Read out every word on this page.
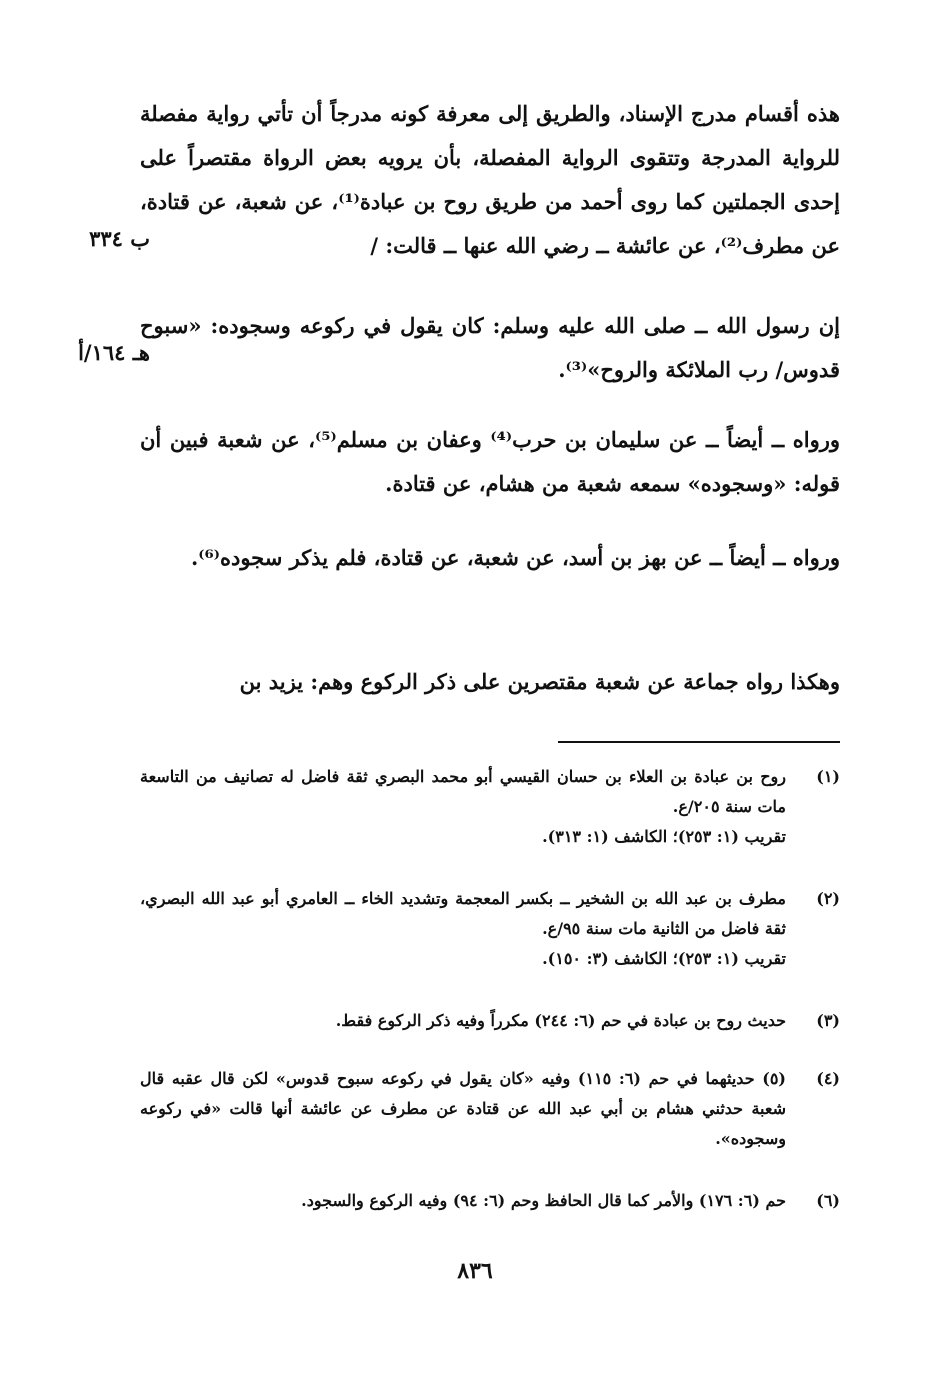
هذه أقسام مدرج الإسناد، والطريق إلى معرفة كونه مدرجاً أن تأتي رواية مفصلة للرواية المدرجة وتتقوى الرواية المفصلة، بأن يرويه بعض الرواة مقتصراً على إحدى الجملتين كما روى أحمد من طريق روح بن عبادة⁽¹⁾، عن شعبة، عن قتادة، عن مطرف⁽²⁾، عن عائشة ــ رضي الله عنها ــ قالت: /

ب ٣٣٤

إن رسول الله ــ صلى الله عليه وسلم: كان يقول في ركوعه وسجوده: «سبوح قدوس/ رب الملائكة والروح»⁽³⁾.

هـ ١٦٤/أ

ورواه ــ أيضاً ــ عن سليمان بن حرب⁽⁴⁾ وعفان بن مسلم⁽⁵⁾، عن شعبة فبين أن قوله: «وسجوده» سمعه شعبة من هشام، عن قتادة.

ورواه ــ أيضاً ــ عن بهز بن أسد، عن شعبة، عن قتادة، فلم يذكر سجوده⁽⁶⁾.

وهكذا رواه جماعة عن شعبة مقتصرين على ذكر الركوع وهم: يزيد بن

(١)
روح بن عبادة بن العلاء بن حسان القيسي أبو محمد البصري ثقة فاضل له تصانيف من التاسعة مات سنة ٢٠٥/ع.
تقريب (١: ٢٥٣)؛ الكاشف (١: ٣١٣).
(٢)
مطرف بن عبد الله بن الشخير ــ بكسر المعجمة وتشديد الخاء ــ العامري أبو عبد الله البصري، ثقة فاضل من الثانية مات سنة ٩٥/ع.
تقريب (١: ٢٥٣)؛ الكاشف (٣: ١٥٠).
(٣)
حديث روح بن عبادة في حم (٦: ٢٤٤) مكرراً وفيه ذكر الركوع فقط.
(٤)
(٥) حديثهما في حم (٦: ١١٥) وفيه «كان يقول في ركوعه سبوح قدوس» لكن قال عقبه قال شعبة حدثني هشام بن أبي عبد الله عن قتادة عن مطرف عن عائشة أنها قالت «في ركوعه وسجوده».
(٦)
حم (٦: ١٧٦) والأمر كما قال الحافظ وحم (٦: ٩٤) وفيه الركوع والسجود.
٨٣٦
